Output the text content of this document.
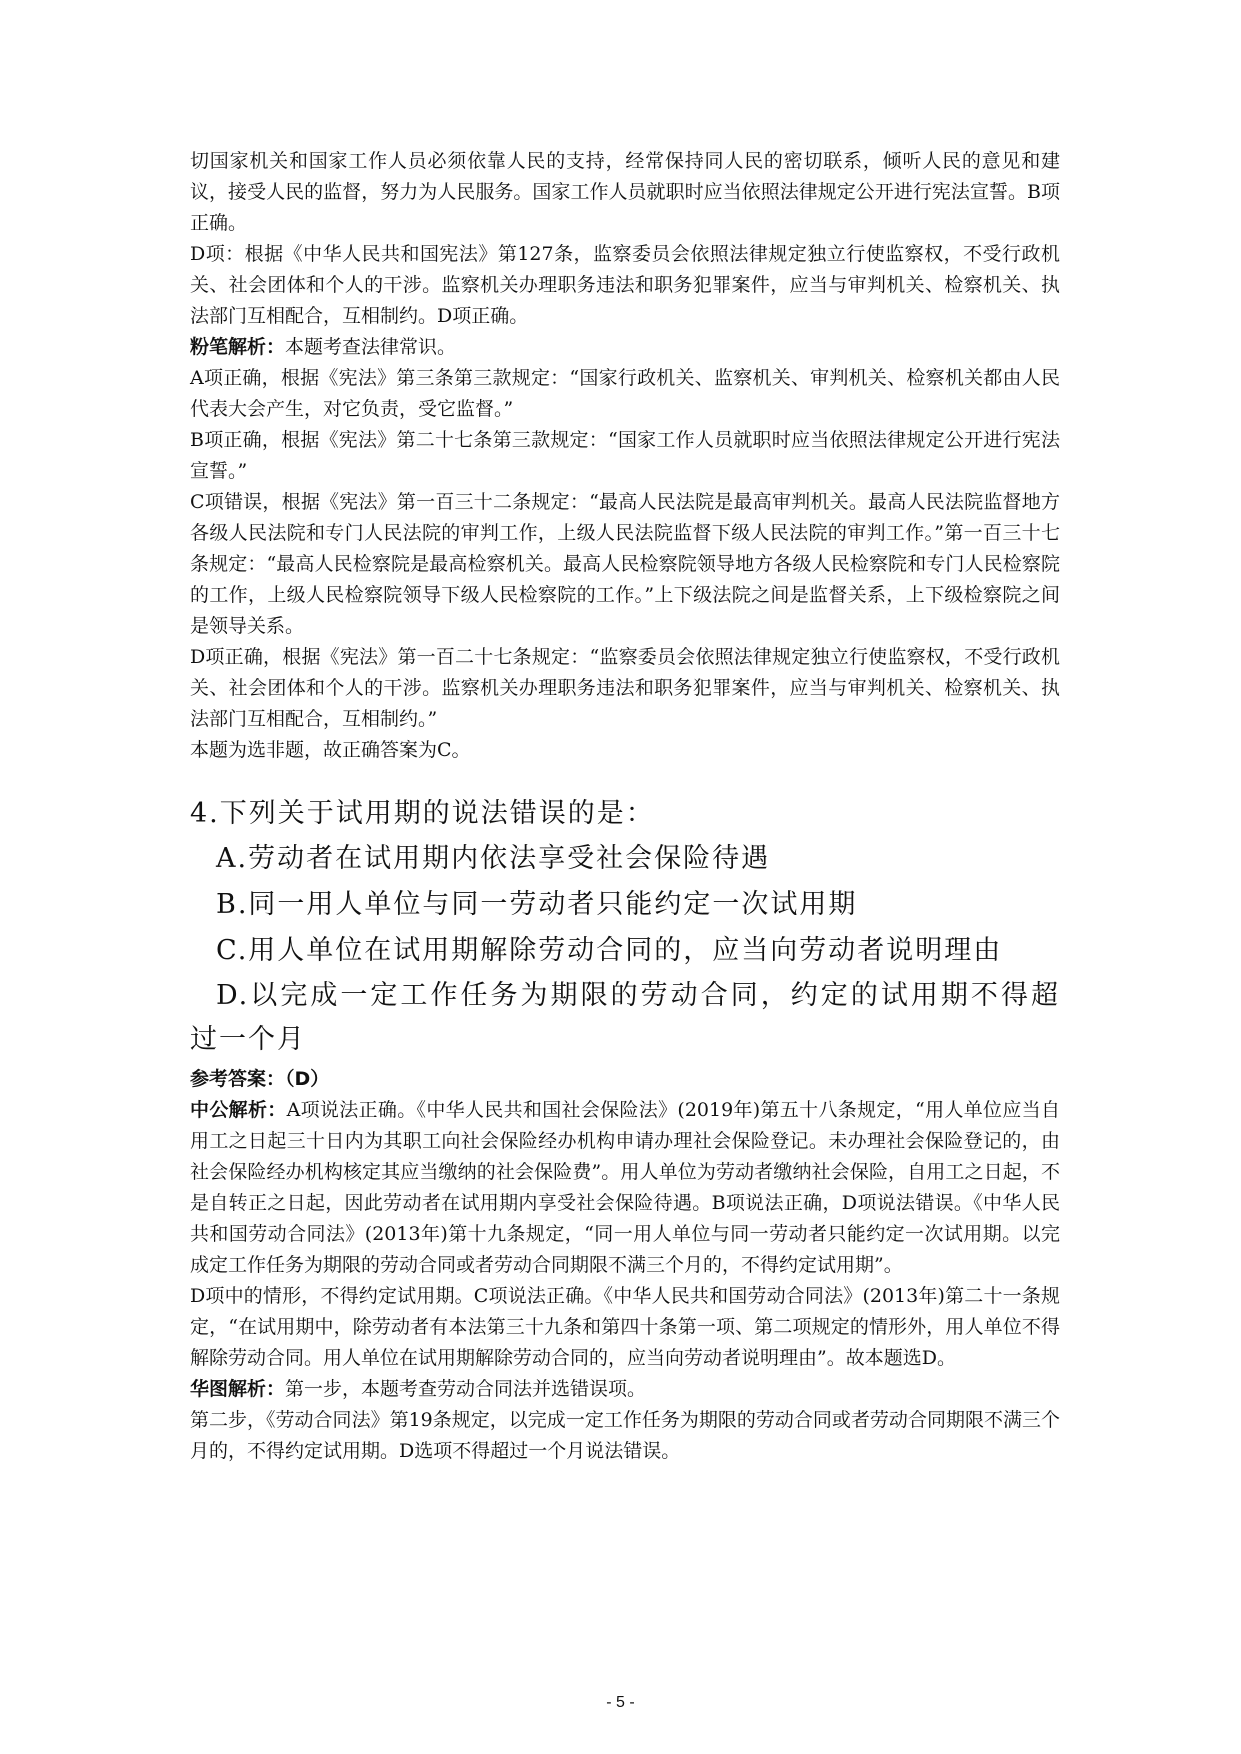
切国家机关和国家工作人员必须依靠人民的支持，经常保持同人民的密切联系，倾听人民的意见和建议，接受人民的监督，努力为人民服务。国家工作人员就职时应当依照法律规定公开进行宪法宣誓。B项正确。

D项：根据《中华人民共和国宪法》第127条，监察委员会依照法律规定独立行使监察权，不受行政机关、社会团体和个人的干涉。监察机关办理职务违法和职务犯罪案件，应当与审判机关、检察机关、执法部门互相配合，互相制约。D项正确。

粉笔解析：本题考查法律常识。

A项正确，根据《宪法》第三条第三款规定：“国家行政机关、监察机关、审判机关、检察机关都由人民代表大会产生，对它负责，受它监督。”

B项正确，根据《宪法》第二十七条第三款规定：“国家工作人员就职时应当依照法律规定公开进行宪法宣誓。”

C项错误，根据《宪法》第一百三十二条规定：“最高人民法院是最高审判机关。最高人民法院监督地方各级人民法院和专门人民法院的审判工作，上级人民法院监督下级人民法院的审判工作。”第一百三十七条规定：“最高人民检察院是最高检察机关。最高人民检察院领导地方各级人民检察院和专门人民检察院的工作，上级人民检察院领导下级人民检察院的工作。”上下级法院之间是监督关系，上下级检察院之间是领导关系。

D项正确，根据《宪法》第一百二十七条规定：“监察委员会依照法律规定独立行使监察权，不受行政机关、社会团体和个人的干涉。监察机关办理职务违法和职务犯罪案件，应当与审判机关、检察机关、执法部门互相配合，互相制约。”

本题为选非题，故正确答案为C。

4.下列关于试用期的说法错误的是：

A.劳动者在试用期内依法享受社会保险待遇

B.同一用人单位与同一劳动者只能约定一次试用期

C.用人单位在试用期解除劳动合同的，应当向劳动者说明理由

D.以完成一定工作任务为期限的劳动合同，约定的试用期不得超过一个月

参考答案：（D）

中公解析：A项说法正确。《中华人民共和国社会保险法》(2019年)第五十八条规定，“用人单位应当自用工之日起三十日内为其职工向社会保险经办机构申请办理社会保险登记。未办理社会保险登记的，由社会保险经办机构核定其应当缴纳的社会保险费”。用人单位为劳动者缴纳社会保险，自用工之日起，不是自转正之日起，因此劳动者在试用期内享受社会保险待遇。B项说法正确，D项说法错误。《中华人民共和国劳动合同法》(2013年)第十九条规定，“同一用人单位与同一劳动者只能约定一次试用期。以完成定工作任务为期限的劳动合同或者劳动合同期限不满三个月的，不得约定试用期”。

D项中的情形，不得约定试用期。C项说法正确。《中华人民共和国劳动合同法》(2013年)第二十一条规定，“在试用期中，除劳动者有本法第三十九条和第四十条第一项、第二项规定的情形外，用人单位不得解除劳动合同。用人单位在试用期解除劳动合同的，应当向劳动者说明理由”。故本题选D。

华图解析：第一步，本题考查劳动合同法并选错误项。

第二步，《劳动合同法》第19条规定，以完成一定工作任务为期限的劳动合同或者劳动合同期限不满三个月的，不得约定试用期。D选项不得超过一个月说法错误。

- 5 -
